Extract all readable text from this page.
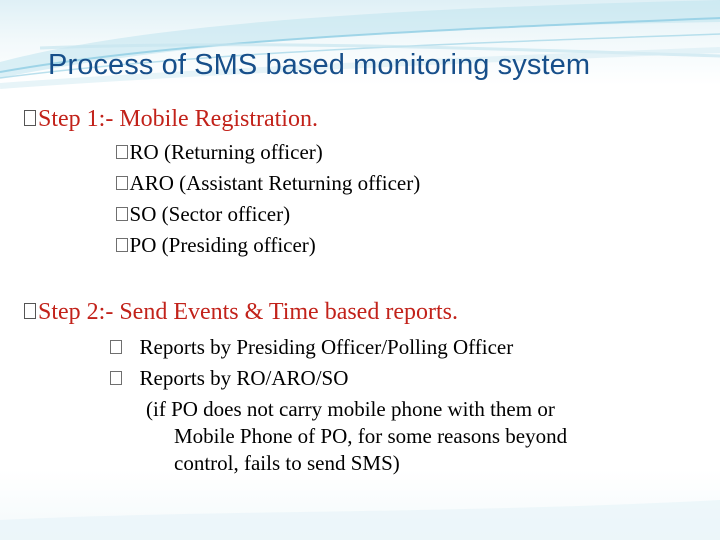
Process of SMS based monitoring system
Step 1:- Mobile Registration.
RO (Returning officer)
ARO (Assistant Returning officer)
SO (Sector officer)
PO (Presiding officer)
Step 2:- Send Events & Time based reports.
Reports by Presiding Officer/Polling Officer
Reports by RO/ARO/SO
(if PO does not carry mobile phone with them or
Mobile Phone of PO, for some reasons beyond
control, fails to send SMS)
